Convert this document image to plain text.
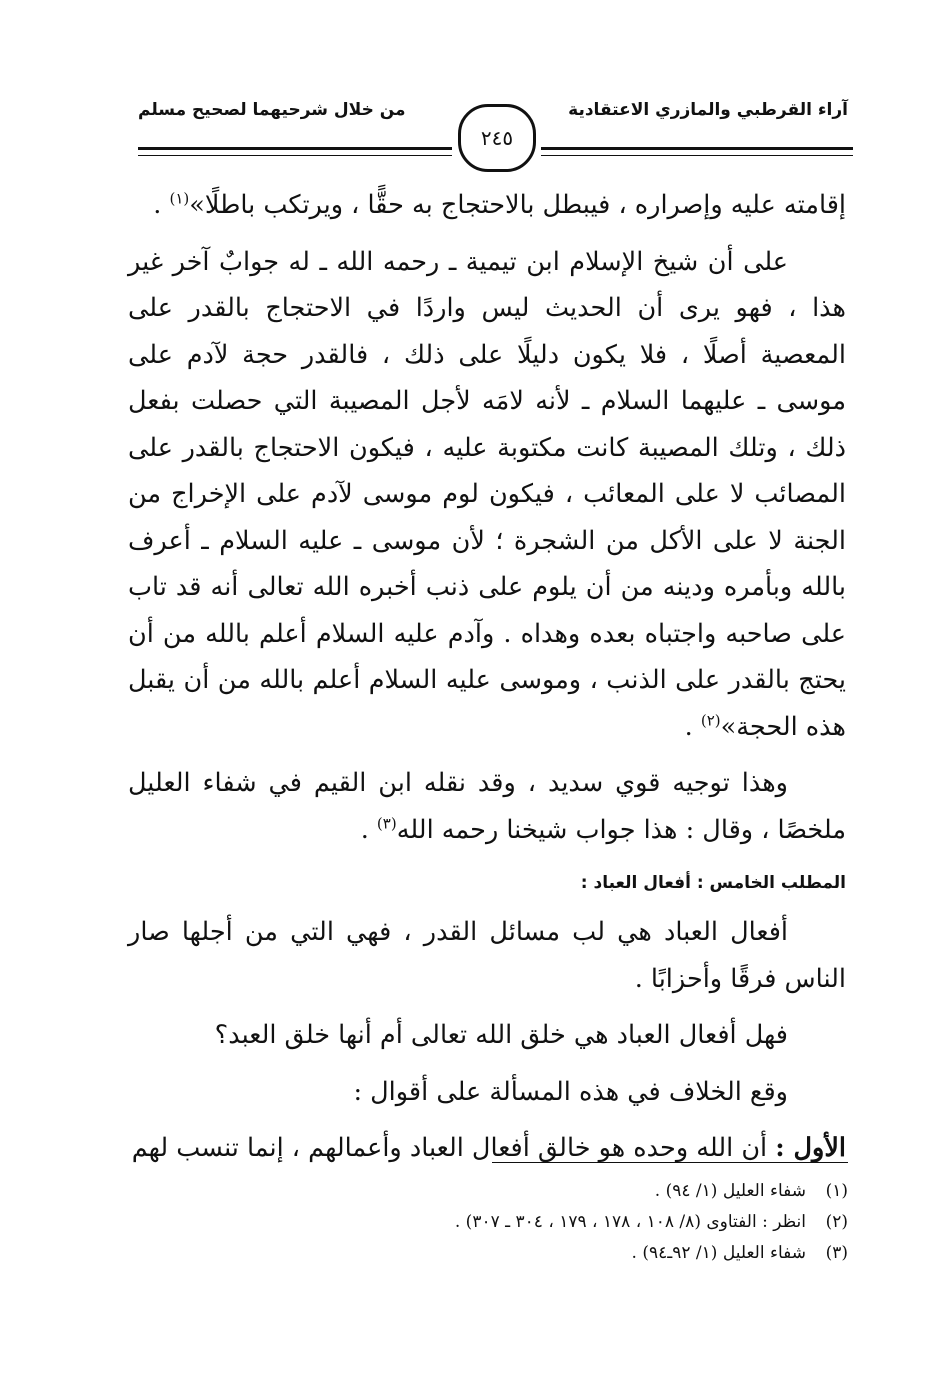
آراء القرطبي والمازري الاعتقادية
من خلال شرحيهما لصحيح مسلم
٢٤٥

إقامته عليه وإصراره ، فيبطل بالاحتجاج به حقًّا ، ويرتكب باطلًا»$^{(١)}$ .

على أن شيخ الإسلام ابن تيمية ـ رحمه الله ـ له جوابٌ آخر غير هذا ، فهو يرى أن الحديث ليس واردًا في الاحتجاج بالقدر على المعصية أصلًا ، فلا يكون دليلًا على ذلك ، فالقدر حجة لآدم على موسى ـ عليهما السلام ـ لأنه لامَه لأجل المصيبة التي حصلت بفعل ذلك ، وتلك المصيبة كانت مكتوبة عليه ، فيكون الاحتجاج بالقدر على المصائب لا على المعائب ، فيكون لوم موسى لآدم على الإخراج من الجنة لا على الأكل من الشجرة ؛ لأن موسى ـ عليه السلام ـ أعرف بالله وبأمره ودينه من أن يلوم على ذنب أخبره الله تعالى أنه قد تاب على صاحبه واجتباه بعده وهداه . وآدم عليه السلام أعلم بالله من أن يحتج بالقدر على الذنب ، وموسى عليه السلام أعلم بالله من أن يقبل هذه الحجة»$^{(٢)}$ .

وهذا توجيه قوي سديد ، وقد نقله ابن القيم في شفاء العليل ملخصًا ، وقال : هذا جواب شيخنا رحمه الله$^{(٣)}$ .

المطلب الخامس : أفعال العباد :

أفعال العباد هي لب مسائل القدر ، فهي التي من أجلها صار الناس فرقًا وأحزابًا .

فهل أفعال العباد هي خلق الله تعالى أم أنها خلق العبد؟

وقع الخلاف في هذه المسألة على أقوال :

الأول : أن الله وحده هو خالق أفعال العباد وأعمالهم ، إنما تنسب لهم

(١)شفاء العليل (١/ ٩٤) .

(٢)انظر : الفتاوى (٨/ ١٠٨ ، ١٧٨ ، ١٧٩ ، ٣٠٤ ـ ٣٠٧) .

(٣)شفاء العليل (١/ ٩٢ـ٩٤) .
